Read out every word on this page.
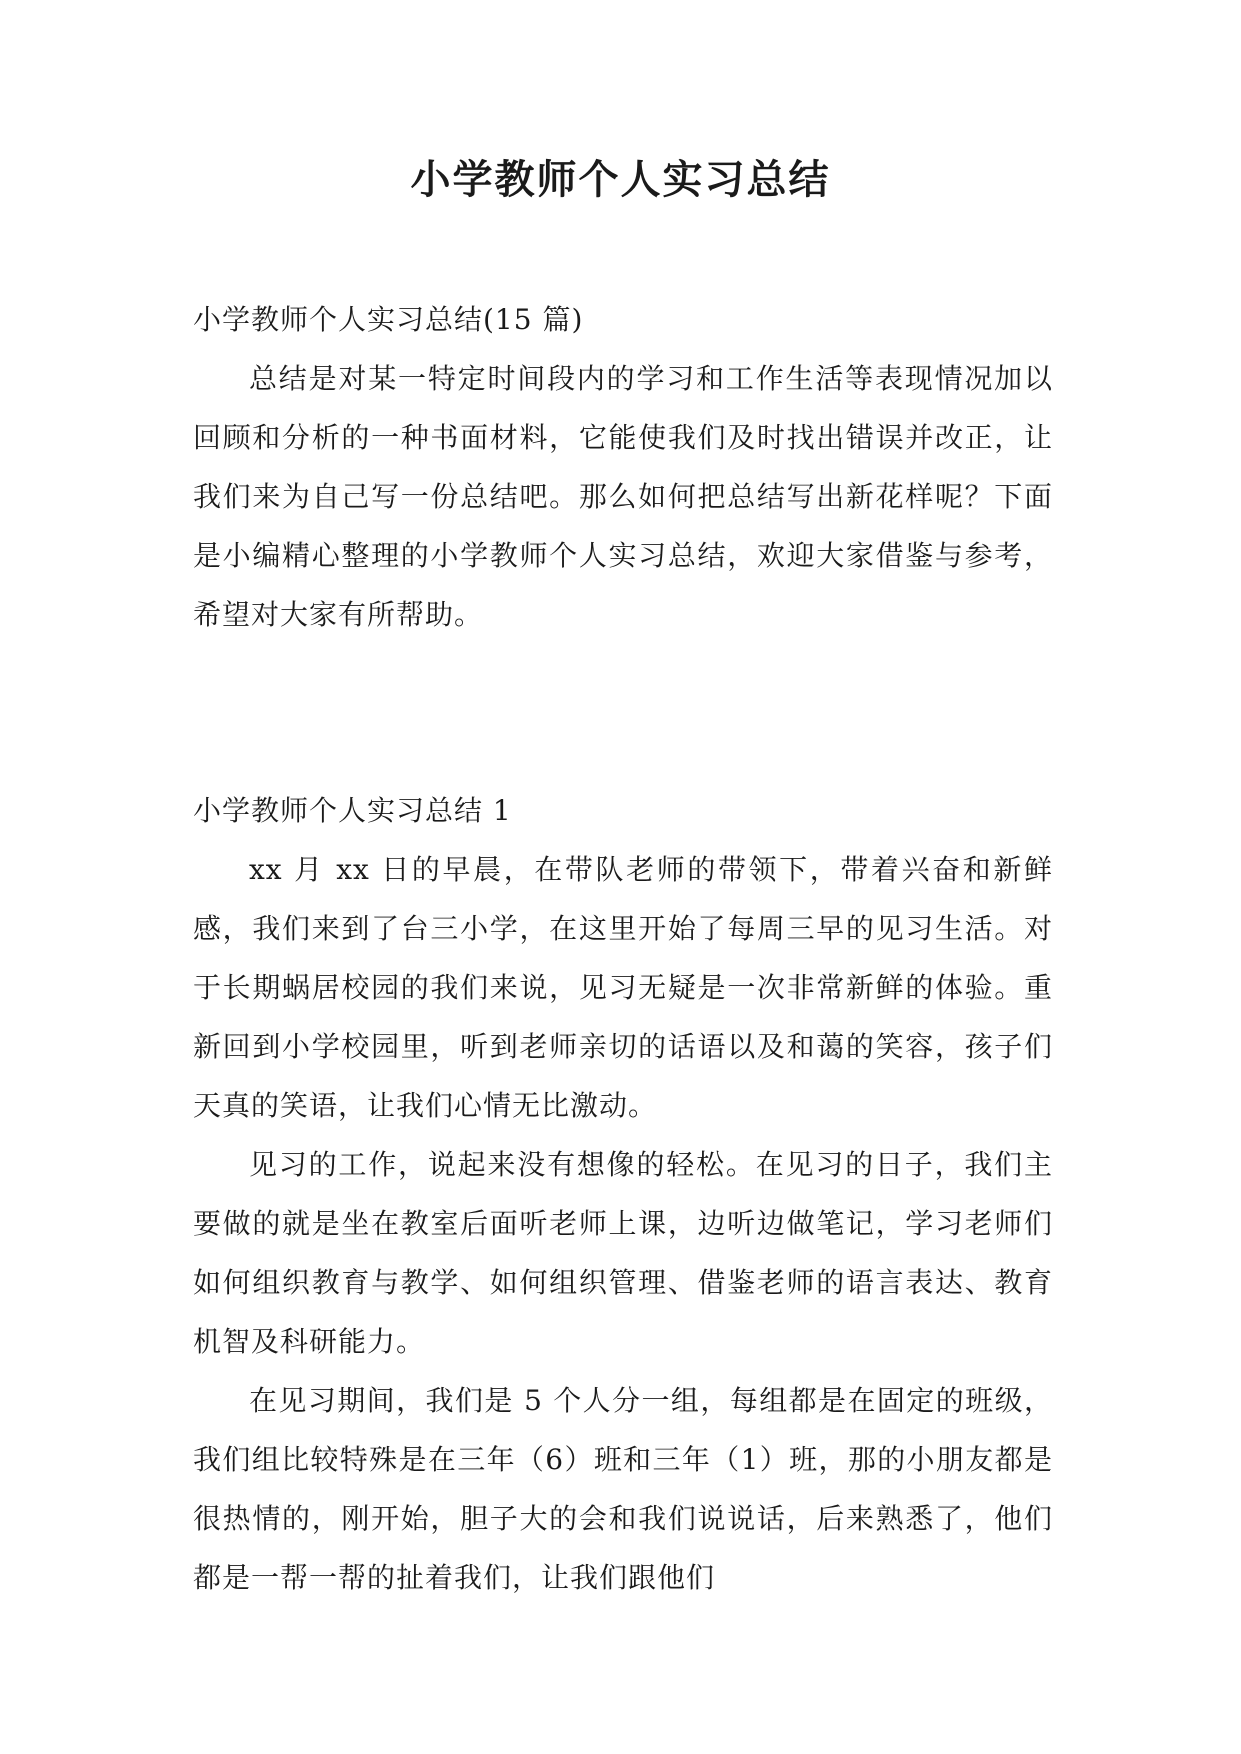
小学教师个人实习总结

小学教师个人实习总结(15 篇)

总结是对某一特定时间段内的学习和工作生活等表现情况加以回顾和分析的一种书面材料，它能使我们及时找出错误并改正，让我们来为自己写一份总结吧。那么如何把总结写出新花样呢？下面是小编精心整理的小学教师个人实习总结，欢迎大家借鉴与参考，希望对大家有所帮助。

小学教师个人实习总结 1

xx 月 xx 日的早晨，在带队老师的带领下，带着兴奋和新鲜感，我们来到了台三小学，在这里开始了每周三早的见习生活。对于长期蜗居校园的我们来说，见习无疑是一次非常新鲜的体验。重新回到小学校园里，听到老师亲切的话语以及和蔼的笑容，孩子们天真的笑语，让我们心情无比激动。

见习的工作，说起来没有想像的轻松。在见习的日子，我们主要做的就是坐在教室后面听老师上课，边听边做笔记，学习老师们如何组织教育与教学、如何组织管理、借鉴老师的语言表达、教育机智及科研能力。

在见习期间，我们是 5 个人分一组，每组都是在固定的班级，我们组比较特殊是在三年（6）班和三年（1）班，那的小朋友都是很热情的，刚开始，胆子大的会和我们说说话，后来熟悉了，他们都是一帮一帮的扯着我们，让我们跟他们
